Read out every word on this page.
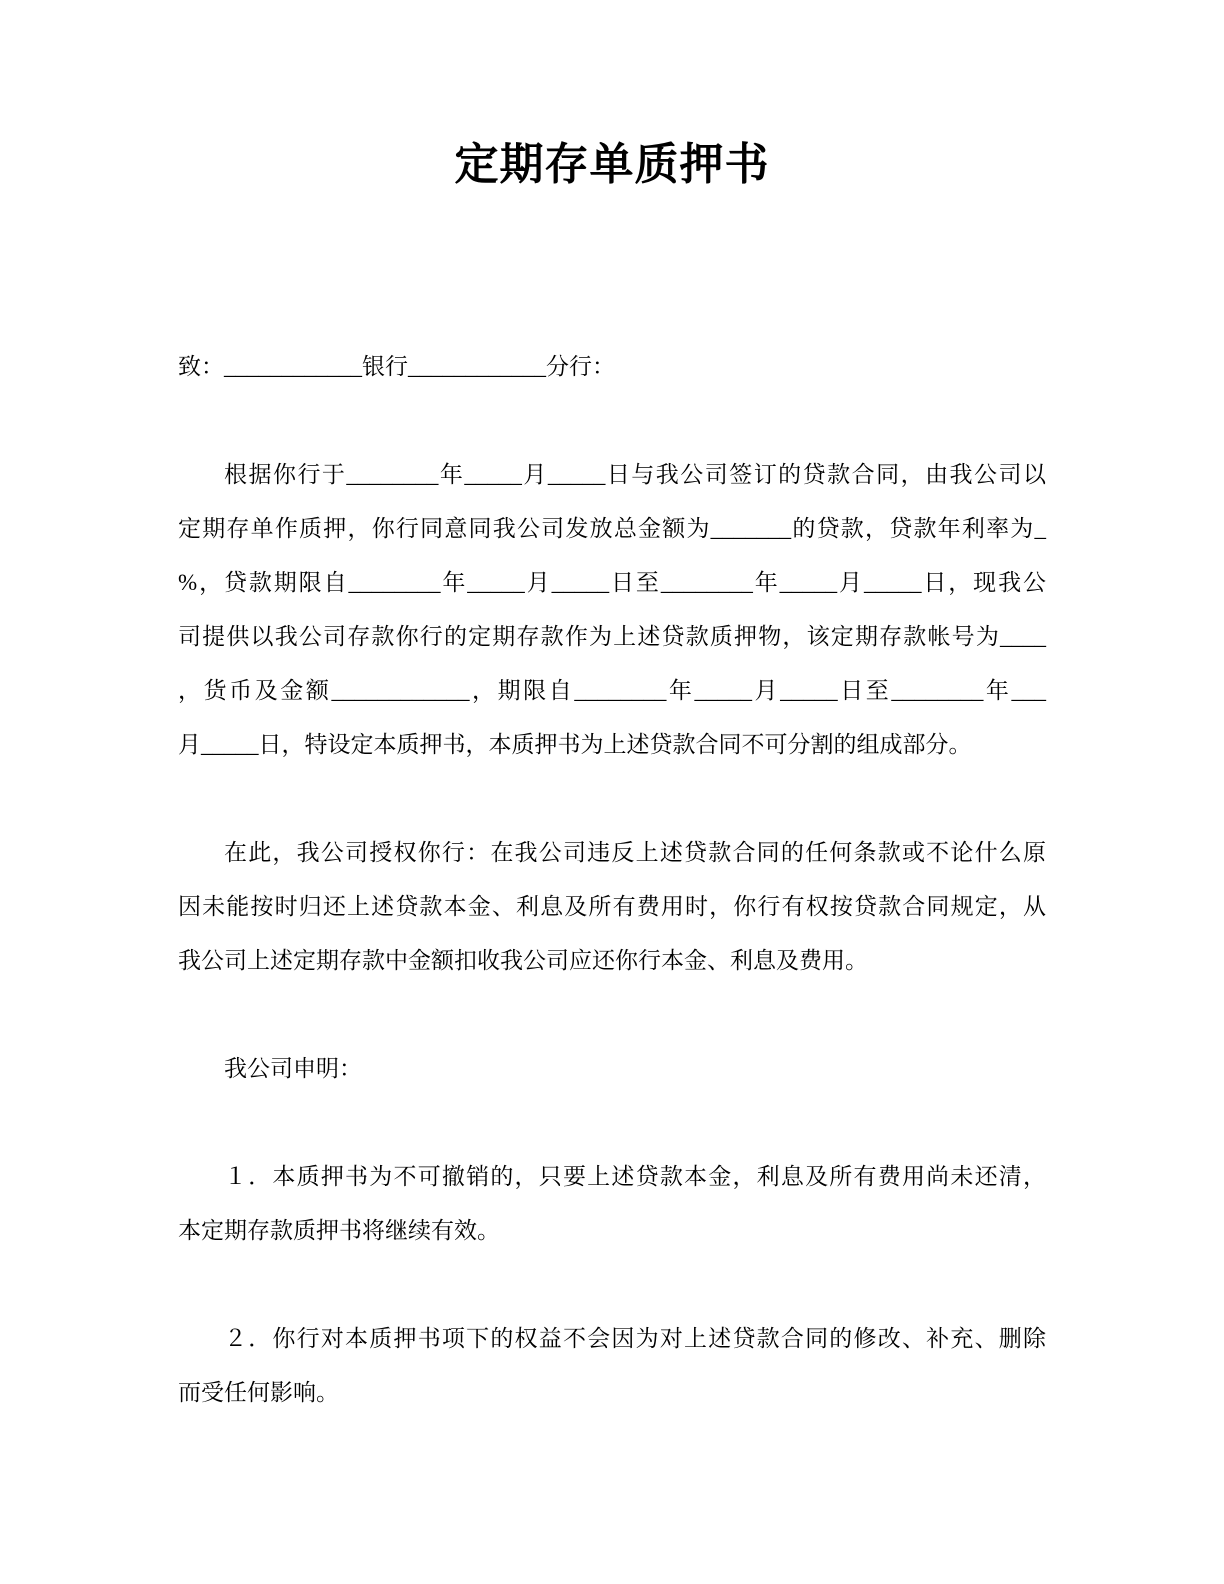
定期存单质押书

致：____________银行____________分行：

根据你行于________年_____月_____日与我公司签订的贷款合同，由我公司以

定期存单作质押，你行同意同我公司发放总金额为_______的贷款，贷款年利率为_

%，贷款期限自________年_____月_____日至________年_____月_____日，现我公

司提供以我公司存款你行的定期存款作为上述贷款质押物，该定期存款帐号为____

，货币及金额____________，期限自________年_____月_____日至________年___

月_____日，特设定本质押书，本质押书为上述贷款合同不可分割的组成部分。

在此，我公司授权你行：在我公司违反上述贷款合同的任何条款或不论什么原

因未能按时归还上述贷款本金、利息及所有费用时，你行有权按贷款合同规定，从

我公司上述定期存款中金额扣收我公司应还你行本金、利息及费用。

我公司申明：

１．本质押书为不可撤销的，只要上述贷款本金，利息及所有费用尚未还清，

本定期存款质押书将继续有效。

２．你行对本质押书项下的权益不会因为对上述贷款合同的修改、补充、删除

而受任何影响。
